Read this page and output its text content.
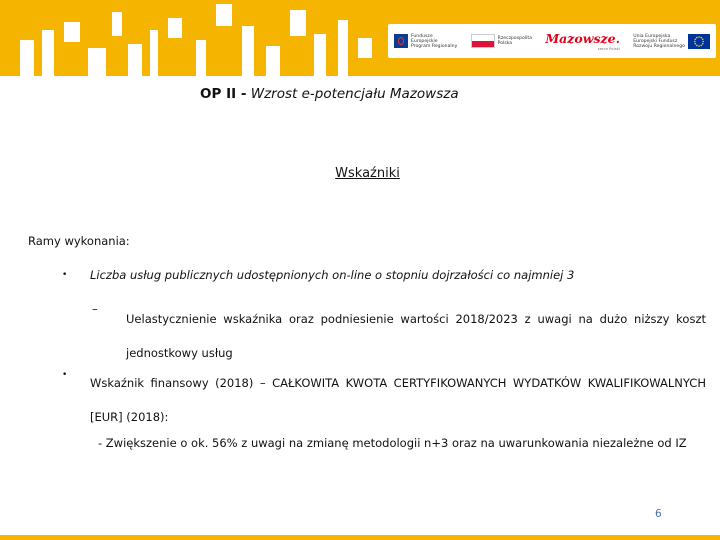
Fundusze
Europejskie
Program Regionalny
Rzeczpospolita
Polska	Mazowsze.
serce Polski
Unia Europejska
Europejski Fundusz
Rozwoju Regionalnego
OP II - Wzrost e-potencjału Mazowsza
Wskaźniki
Ramy wykonania:
• Liczba usług publicznych udostępnionych on-line o stopniu dojrzałości co najmniej 3
–
Uelastycznienie wskaźnika oraz podniesienie wartości 2018/2023 z uwagi na dużo niższy koszt jednostkowy usług
•
Wskaźnik finansowy (2018) – CAŁKOWITA KWOTA CERTYFIKOWANYCH WYDATKÓW KWALIFIKOWALNYCH [EUR] (2018):
- Zwiększenie o ok. 56% z uwagi na zmianę metodologii n+3 oraz na uwarunkowania niezależne od IZ
6
